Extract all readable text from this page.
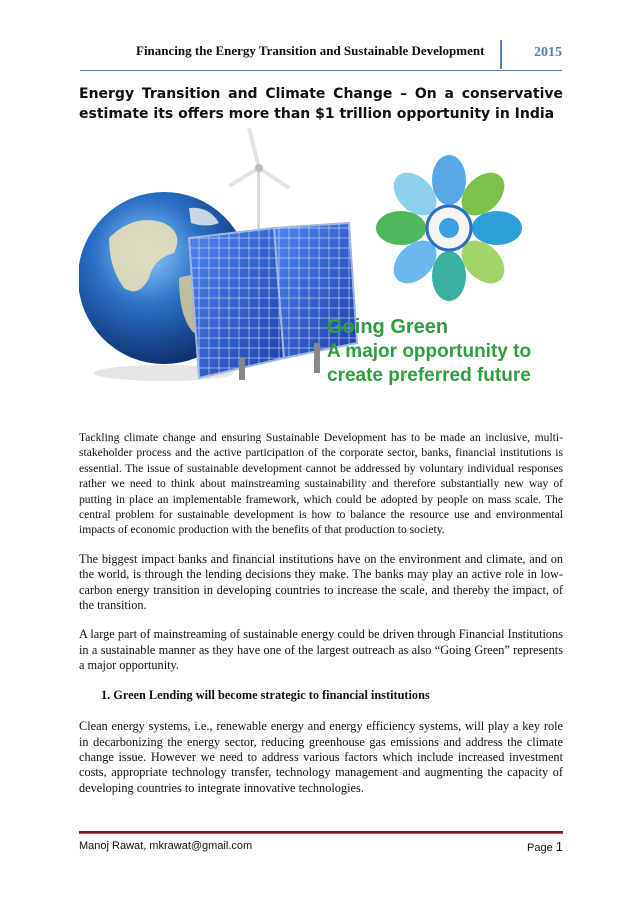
Financing the Energy Transition and Sustainable Development	2015
Energy Transition and Climate Change – On a conservative estimate its offers more than $1 trillion opportunity in India
Going Green
A major opportunity to
create preferred future

Tackling climate change and ensuring Sustainable Development has to be made an inclusive, multi-stakeholder process and the active participation of the corporate sector, banks, financial institutions is essential. The issue of sustainable development cannot be addressed by voluntary individual responses rather we need to think about mainstreaming sustainability and therefore substantially new way of putting in place an implementable framework, which could be adopted by people on mass scale. The central problem for sustainable development is how to balance the resource use and environmental impacts of economic production with the benefits of that production to society.

The biggest impact banks and financial institutions have on the environment and climate, and on the world, is through the lending decisions they make. The banks may play an active role in low-carbon energy transition in developing countries to increase the scale, and thereby the impact, of the transition.

A large part of mainstreaming of sustainable energy could be driven through Financial Institutions in a sustainable manner as they have one of the largest outreach as also “Going Green” represents a major opportunity.

1. Green Lending will become strategic to financial institutions

Clean energy systems, i.e., renewable energy and energy efficiency systems, will play a key role in decarbonizing the energy sector, reducing greenhouse gas emissions and address the climate change issue. However we need to address various factors which include increased investment costs, appropriate technology transfer, technology management and augmenting the capacity of developing countries to integrate innovative technologies.

Manoj Rawat, mkrawat@gmail.com	Page 1
